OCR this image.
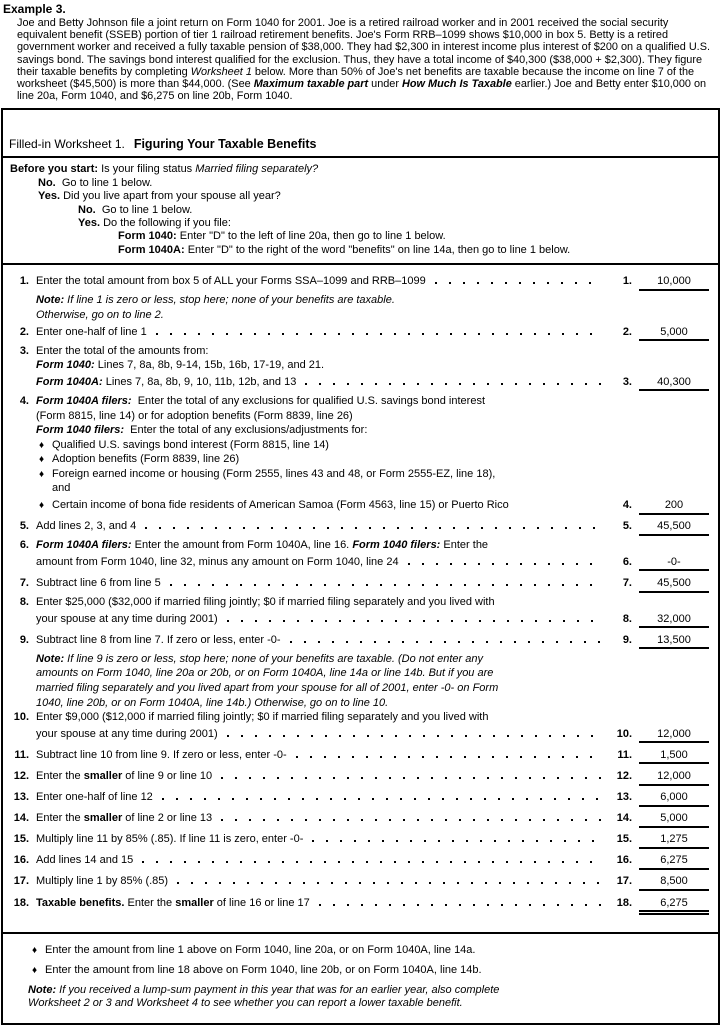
Example 3.

Joe and Betty Johnson file a joint return on Form 1040 for 2001. Joe is a retired railroad worker and in 2001 received the social security equivalent benefit (SSEB) portion of tier 1 railroad retirement benefits. Joe's Form RRB–1099 shows $10,000 in box 5. Betty is a retired government worker and received a fully taxable pension of $38,000. They had $2,300 in interest income plus interest of $200 on a qualified U.S. savings bond. The savings bond interest qualified for the exclusion. Thus, they have a total income of $40,300 ($38,000 + $2,300). They figure their taxable benefits by completing Worksheet 1 below. More than 50% of Joe's net benefits are taxable because the income on line 7 of the worksheet ($45,500) is more than $44,000. (See Maximum taxable part under How Much Is Taxable earlier.) Joe and Betty enter $10,000 on line 20a, Form 1040, and $6,275 on line 20b, Form 1040.

Filled-in Worksheet 1. Figuring Your Taxable Benefits
Before you start: Is your filing status Married filing separately?
No.  Go to line 1 below.
Yes. Did you live apart from your spouse all year?
No.  Go to line 1 below.
Yes. Do the following if you file:
Form 1040: Enter "D" to the left of line 20a, then go to line 1 below.
Form 1040A: Enter "D" to the right of the word "benefits" on line 14a, then go to line 1 below.
1. Enter the total amount from box 5 of ALL your Forms SSA–1099 and RRB–1099	1.	10,000
Note: If line 1 is zero or less, stop here; none of your benefits are taxable.
Otherwise, go on to line 2.
2. Enter one-half of line 1	2.	5,000
3. Enter the total of the amounts from:
Form 1040: Lines 7, 8a, 8b, 9-14, 15b, 16b, 17-19, and 21.
Form 1040A: Lines 7, 8a, 8b, 9, 10, 11b, 12b, and 13	3.	40,300
4. Form 1040A filers:  Enter the total of any exclusions for qualified U.S. savings bond interest
(Form 8815, line 14) or for adoption benefits (Form 8839, line 26)
Form 1040 filers:  Enter the total of any exclusions/adjustments for:
♦ Qualified U.S. savings bond interest (Form 8815, line 14)
♦ Adoption benefits (Form 8839, line 26)
♦ Foreign earned income or housing (Form 2555, lines 43 and 48, or Form 2555-EZ, line 18),
and
♦ Certain income of bona fide residents of American Samoa (Form 4563, line 15) or Puerto Rico	4.	200
5. Add lines 2, 3, and 4	5.	45,500
6. Form 1040A filers: Enter the amount from Form 1040A, line 16. Form 1040 filers: Enter the
amount from Form 1040, line 32, minus any amount on Form 1040, line 24	6.	-0-
7. Subtract line 6 from line 5	7.	45,500
8. Enter $25,000 ($32,000 if married filing jointly; $0 if married filing separately and you lived with
your spouse at any time during 2001)	8.	32,000
9. Subtract line 8 from line 7. If zero or less, enter -0-	9.	13,500
Note: If line 9 is zero or less, stop here; none of your benefits are taxable. (Do not enter any
amounts on Form 1040, line 20a or 20b, or on Form 1040A, line 14a or line 14b. But if you are
married filing separately and you lived apart from your spouse for all of 2001, enter -0- on Form
1040, line 20b, or on Form 1040A, line 14b.) Otherwise, go on to line 10.
10. Enter $9,000 ($12,000 if married filing jointly; $0 if married filing separately and you lived with
your spouse at any time during 2001)	10.	12,000
11. Subtract line 10 from line 9. If zero or less, enter -0-	11.	1,500
12. Enter the smaller of line 9 or line 10	12.	12,000
13. Enter one-half of line 12	13.	6,000
14. Enter the smaller of line 2 or line 13	14.	5,000
15. Multiply line 11 by 85% (.85). If line 11 is zero, enter -0-	15.	1,275
16. Add lines 14 and 15	16.	6,275
17. Multiply line 1 by 85% (.85)	17.	8,500
18. Taxable benefits. Enter the smaller of line 16 or line 17	18.	6,275
♦ Enter the amount from line 1 above on Form 1040, line 20a, or on Form 1040A, line 14a.
♦ Enter the amount from line 18 above on Form 1040, line 20b, or on Form 1040A, line 14b.
Note: If you received a lump-sum payment in this year that was for an earlier year, also complete
Worksheet 2 or 3 and Worksheet 4 to see whether you can report a lower taxable benefit.
